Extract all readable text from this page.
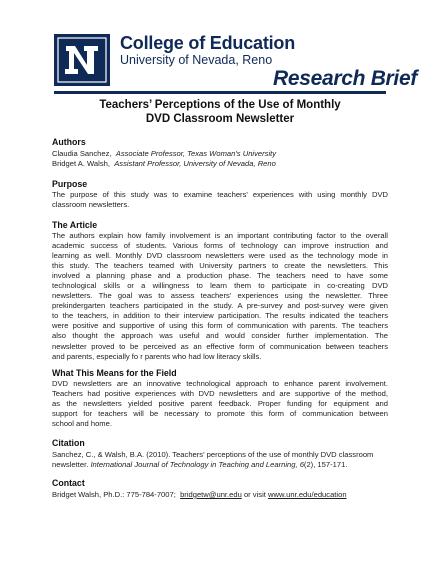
College of Education
University of Nevada, Reno
Research Brief
Teachers’ Perceptions of the Use of Monthly
DVD Classroom Newsletter
Authors
Claudia Sanchez, Associate Professor, Texas Woman's University
Bridget A. Walsh, Assistant Professor, University of Nevada, Reno
Purpose
The purpose of this study was to examine teachers' experiences with using monthly DVD
classroom newsletters.
The Article
The authors explain how family involvement is an important contributing factor to the overall
academic success of students. Various forms of technology can improve instruction and
learning as well. Monthly DVD classroom newsletters were used as the technology mode in
this study. The teachers teamed with University partners to create the newsletters. This
involved a planning phase and a production phase. The teachers need to have some
technological skills or a willingness to learn them to participate in co-creating DVD
newsletters. The goal was to assess teachers' experiences using the newsletter. Three
prekindergarten teachers participated in the study. A pre-survey and post-survey were given
to the teachers, in addition to their interview participation. The results indicated the teachers
were positive and supportive of using this form of communication with parents. The teachers
also thought the approach was useful and would consider further implementation. The
newsletter proved to be perceived as an effective form of communication between teachers
and parents, especially fo r parents who had low literacy skills.
What This Means for the Field
DVD newsletters are an innovative technological approach to enhance parent involvement.
Teachers had positive experiences with DVD newsletters and are supportive of the method,
as the newsletters yielded positive parent feedback. Proper funding for equipment and
support for teachers will be necessary to promote this form of communication between
school and home.
Citation
Sanchez, C., & Walsh, B.A. (2010). Teachers' perceptions of the use of monthly DVD classroom
newsletter. International Journal of Technology in Teaching and Learning, 6(2), 157-171.
Contact
Bridget Walsh, Ph.D.: 775-784-7007; bridgetw@unr.edu or visit www.unr.edu/education
